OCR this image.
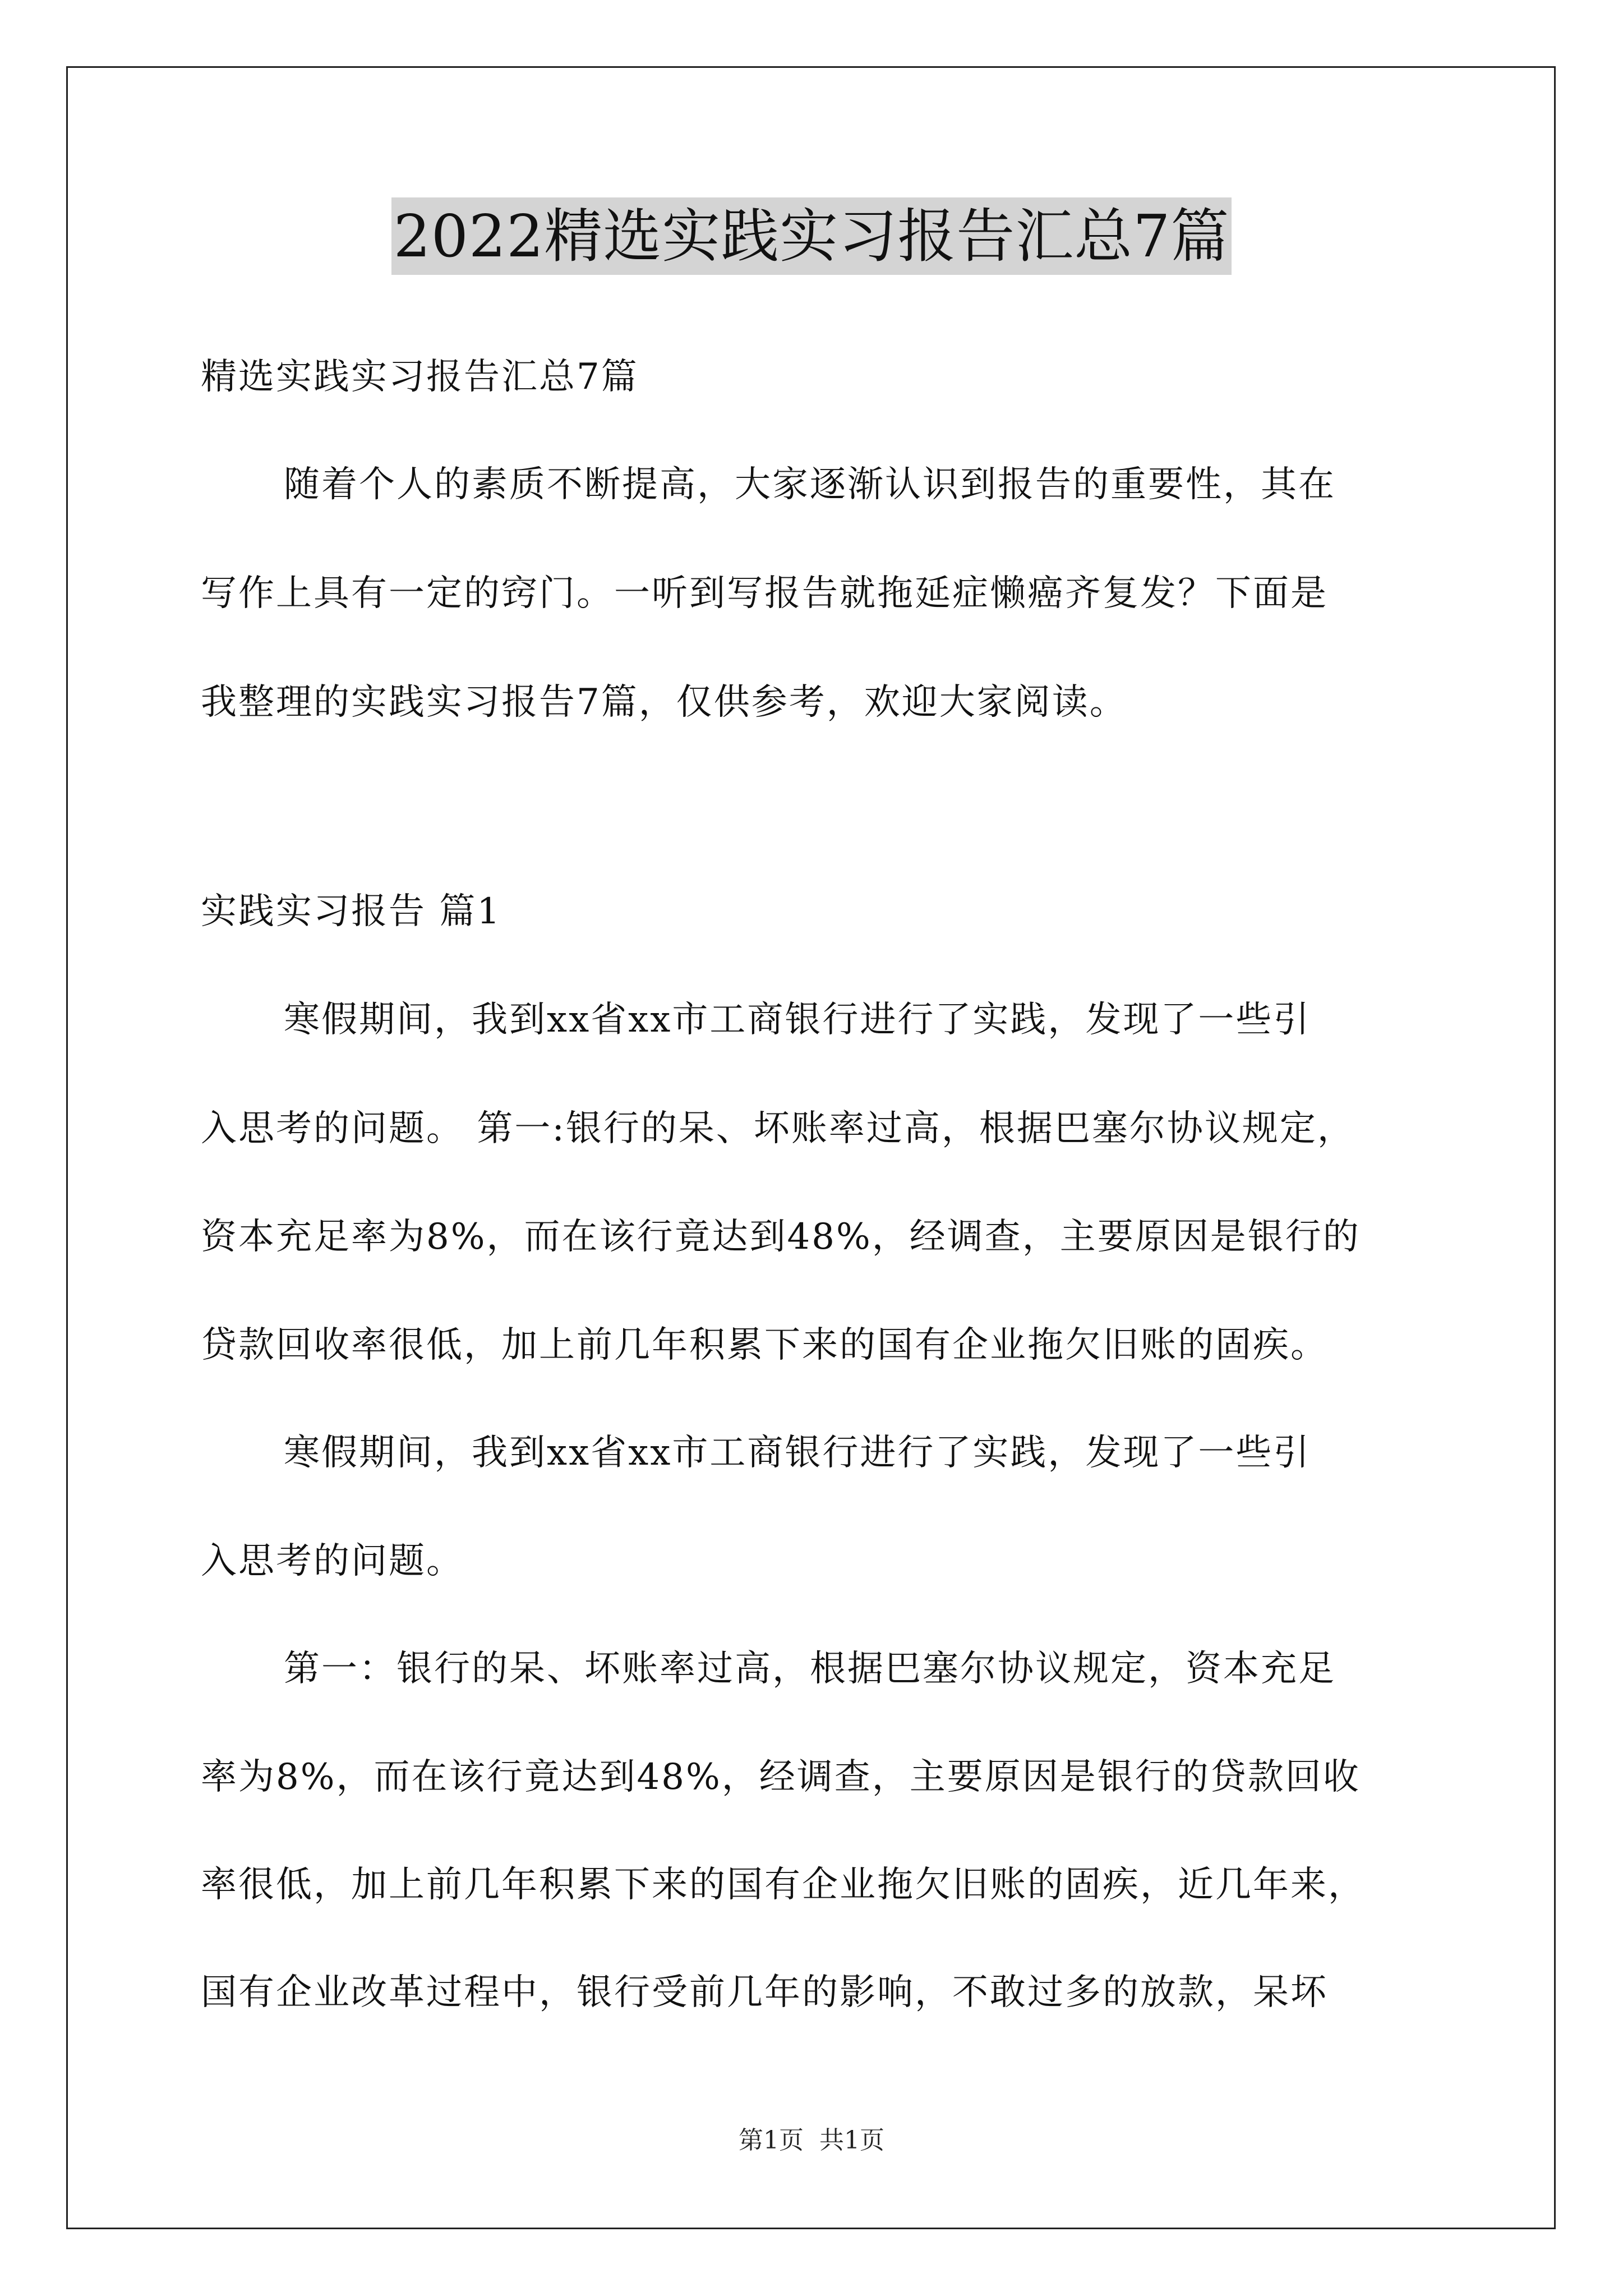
2022精选实践实习报告汇总7篇
精选实践实习报告汇总7篇
随着个人的素质不断提高，大家逐渐认识到报告的重要性，其在
写作上具有一定的窍门。一听到写报告就拖延症懒癌齐复发？下面是
我整理的实践实习报告7篇，仅供参考，欢迎大家阅读。
实践实习报告 篇1
寒假期间，我到xx省xx市工商银行进行了实践，发现了一些引
入思考的问题。 第一:银行的呆、坏账率过高，根据巴塞尔协议规定，
资本充足率为8%，而在该行竟达到48%，经调查，主要原因是银行的
贷款回收率很低，加上前几年积累下来的国有企业拖欠旧账的固疾。
寒假期间，我到xx省xx市工商银行进行了实践，发现了一些引
入思考的问题。
第一：银行的呆、坏账率过高，根据巴塞尔协议规定，资本充足
率为8%，而在该行竟达到48%，经调查，主要原因是银行的贷款回收
率很低，加上前几年积累下来的国有企业拖欠旧账的固疾，近几年来，
国有企业改革过程中，银行受前几年的影响，不敢过多的放款，呆坏
第1页 共1页
